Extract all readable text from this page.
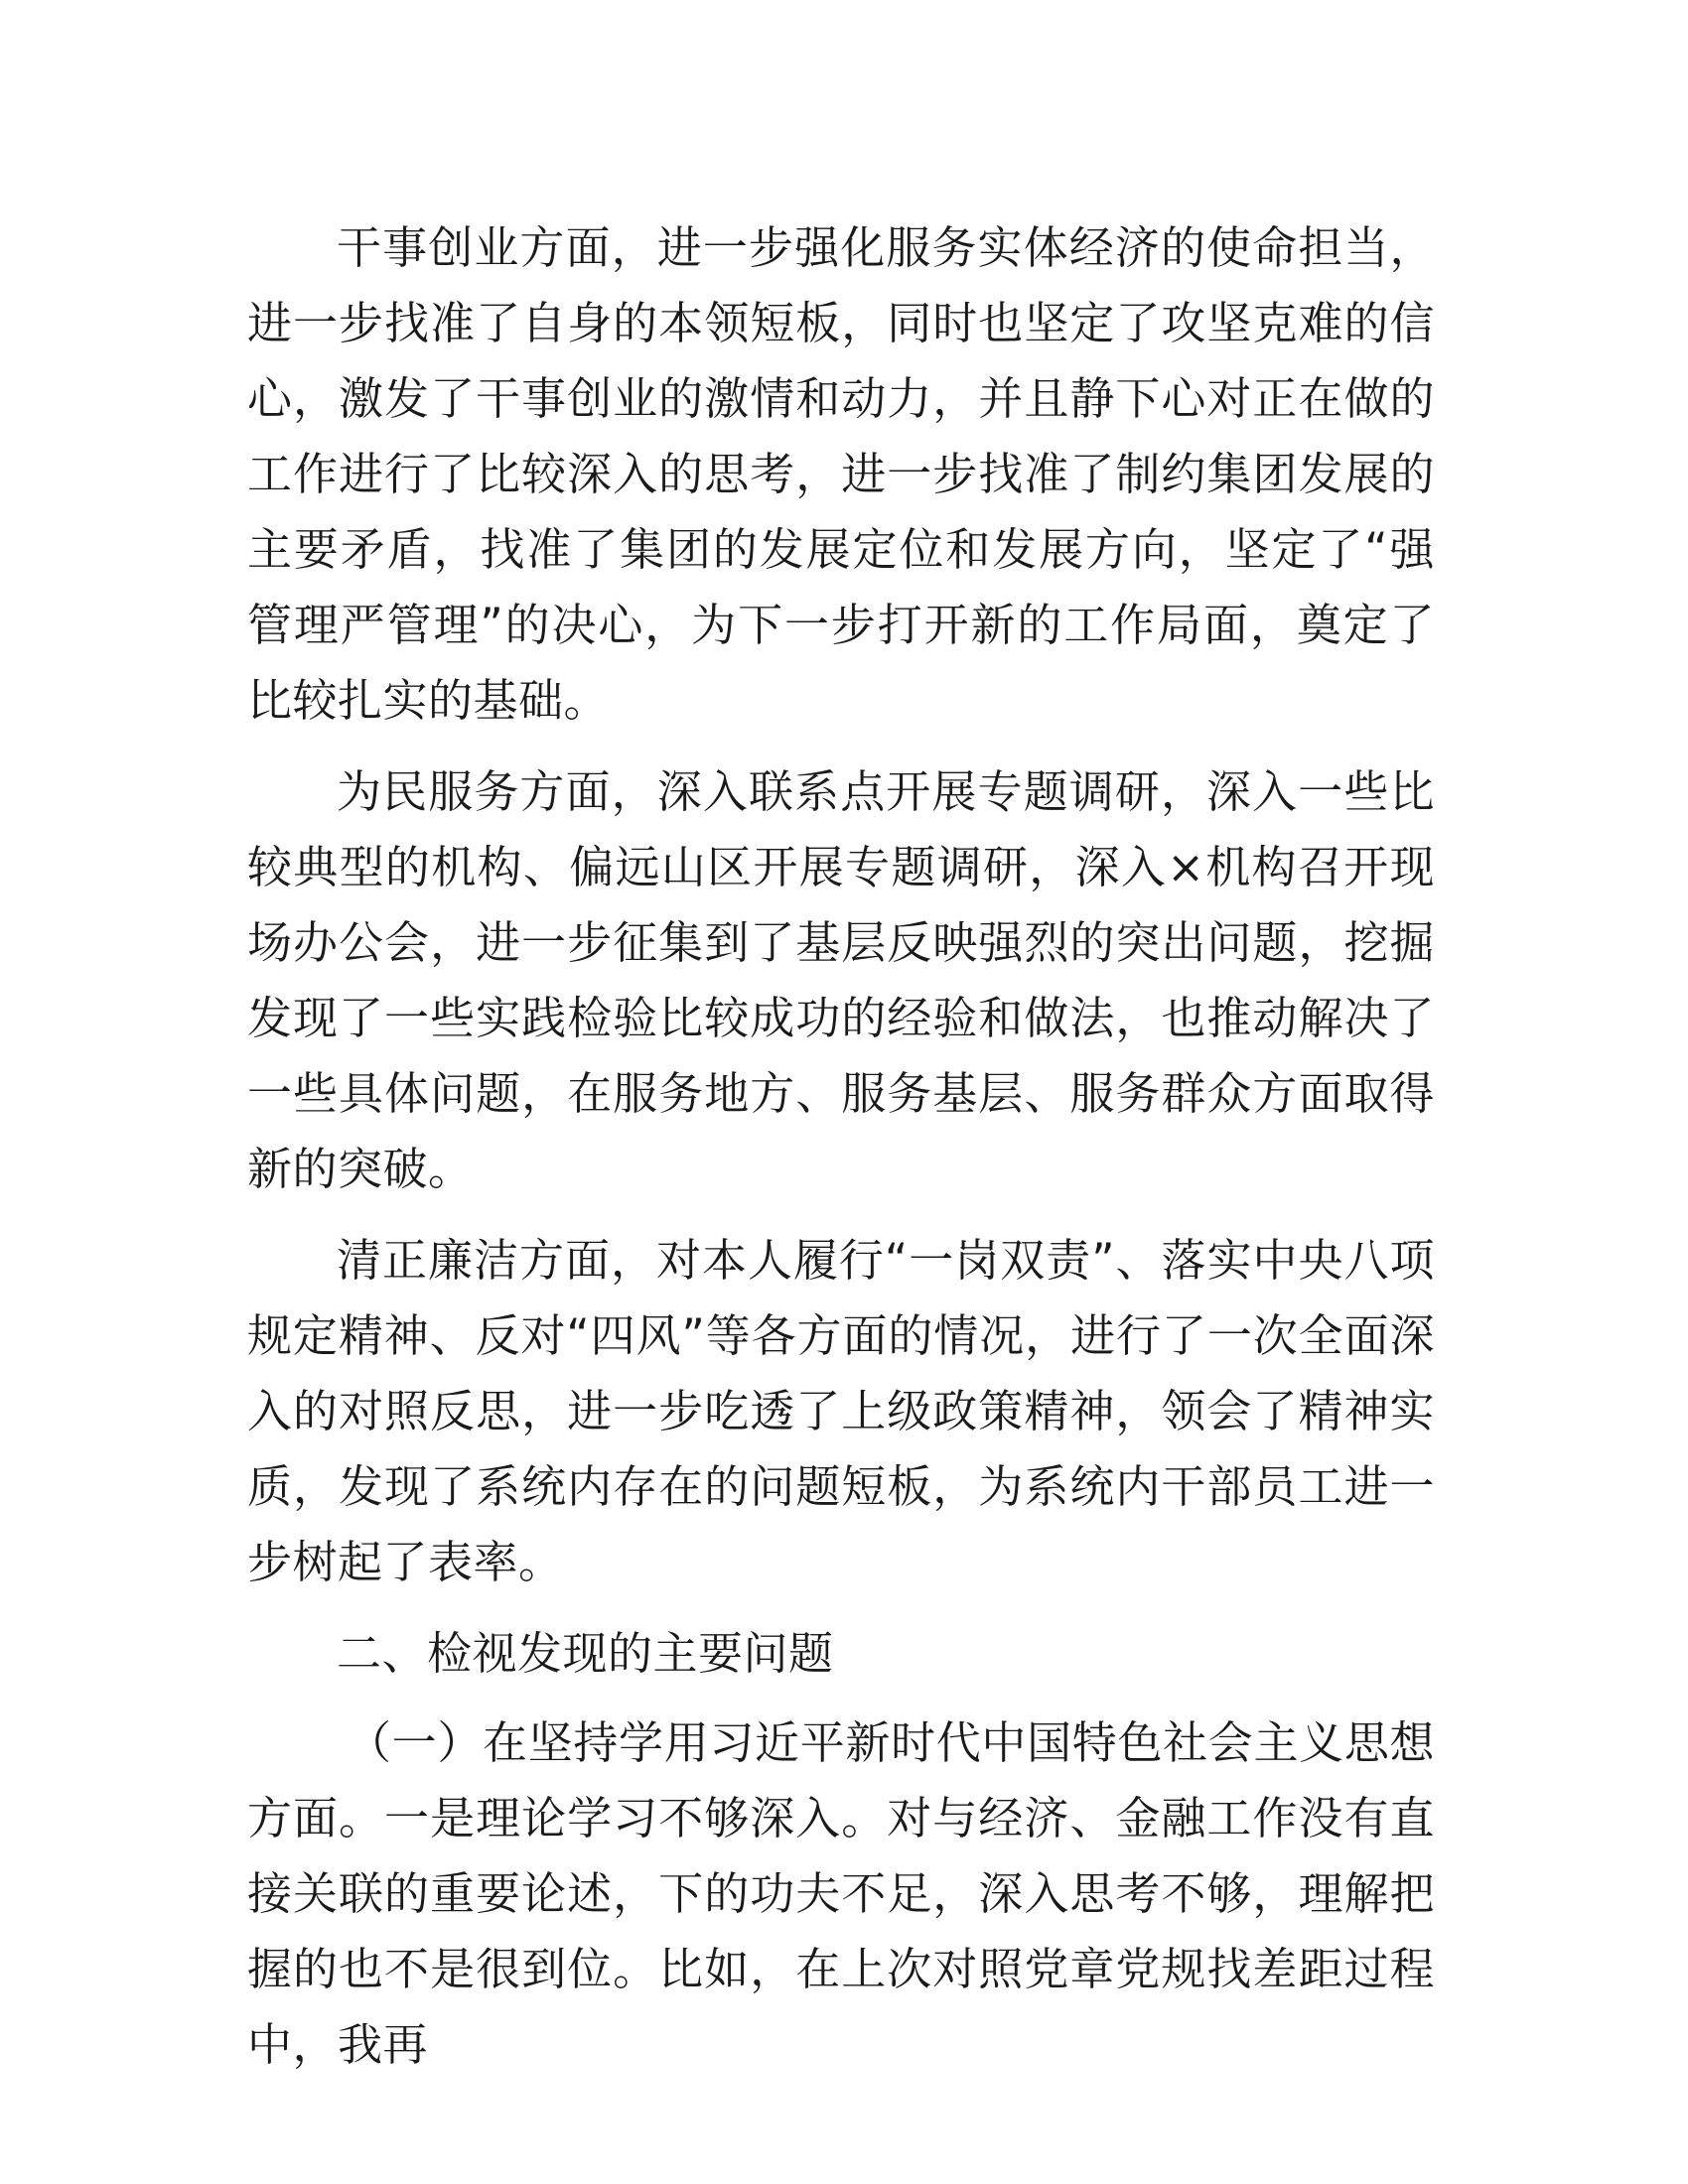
干事创业方面，进一步强化服务实体经济的使命担当，进一步找准了自身的本领短板，同时也坚定了攻坚克难的信心，激发了干事创业的激情和动力，并且静下心对正在做的工作进行了比较深入的思考，进一步找准了制约集团发展的主要矛盾，找准了集团的发展定位和发展方向，坚定了“强管理严管理”的决心，为下一步打开新的工作局面，奠定了比较扎实的基础。

为民服务方面，深入联系点开展专题调研，深入一些比较典型的机构、偏远山区开展专题调研，深入×机构召开现场办公会，进一步征集到了基层反映强烈的突出问题，挖掘发现了一些实践检验比较成功的经验和做法，也推动解决了一些具体问题，在服务地方、服务基层、服务群众方面取得新的突破。

清正廉洁方面，对本人履行“一岗双责”、落实中央八项规定精神、反对“四风”等各方面的情况，进行了一次全面深入的对照反思，进一步吃透了上级政策精神，领会了精神实质，发现了系统内存在的问题短板，为系统内干部员工进一步树起了表率。

二、检视发现的主要问题

（一）在坚持学用习近平新时代中国特色社会主义思想方面。一是理论学习不够深入。对与经济、金融工作没有直接关联的重要论述，下的功夫不足，深入思考不够，理解把握的也不是很到位。比如，在上次对照党章党规找差距过程中，我再
